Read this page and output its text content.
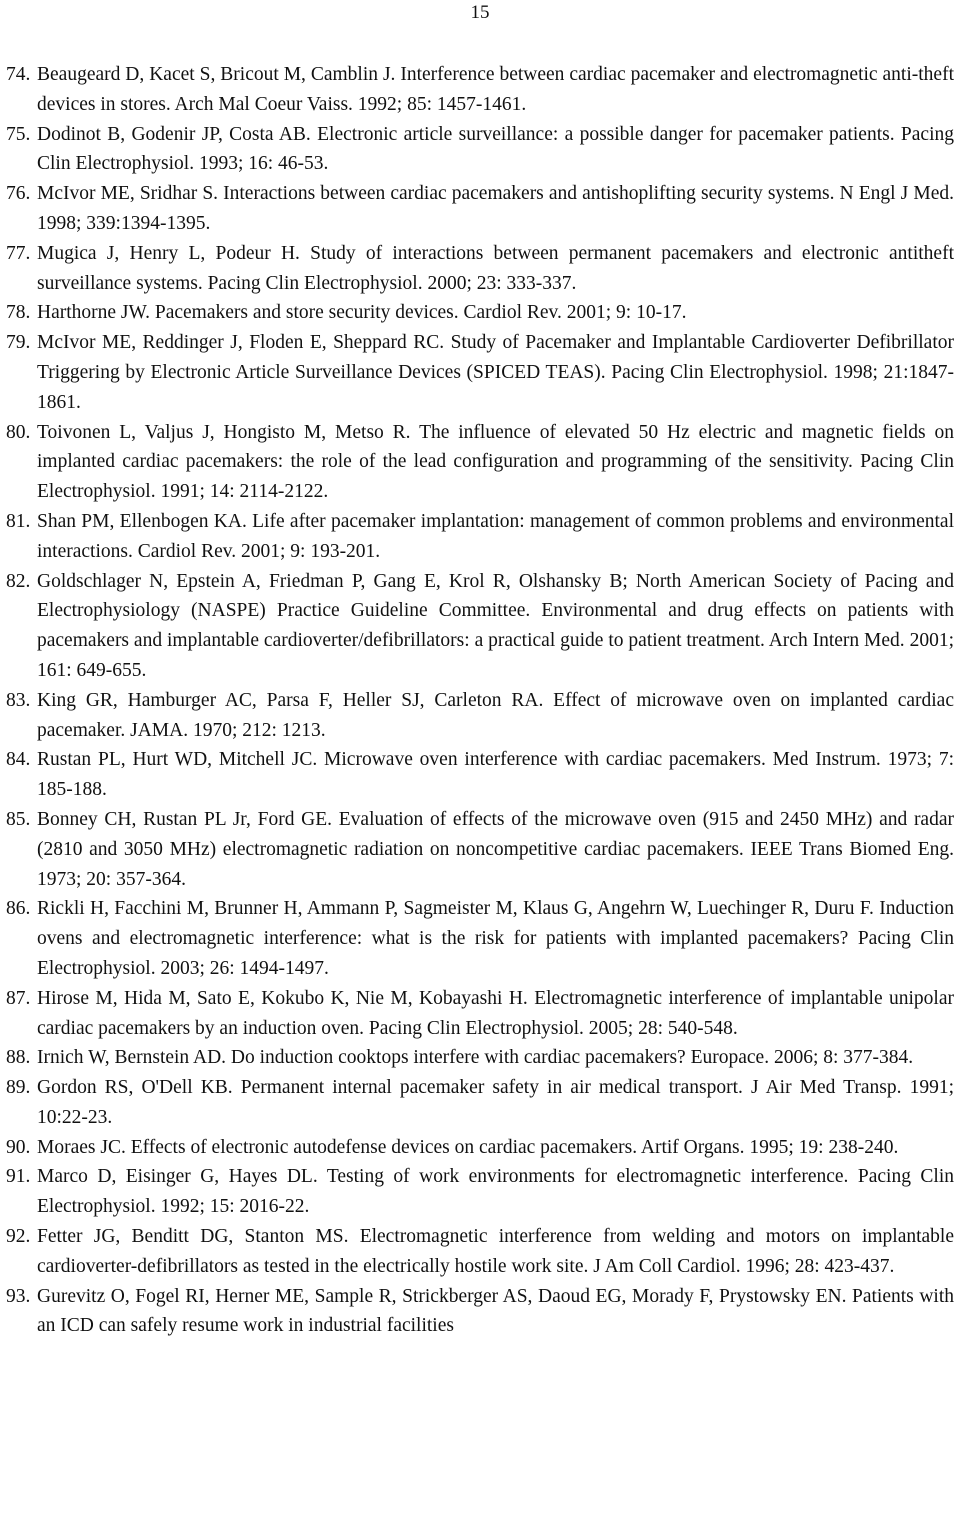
15
74. Beaugeard D, Kacet S, Bricout M, Camblin J. Interference between cardiac pacemaker and electromagnetic anti-theft devices in stores. Arch Mal Coeur Vaiss. 1992; 85: 1457-1461.
75. Dodinot B, Godenir JP, Costa AB. Electronic article surveillance: a possible danger for pacemaker patients. Pacing Clin Electrophysiol. 1993; 16: 46-53.
76. McIvor ME, Sridhar S. Interactions between cardiac pacemakers and antishoplifting security systems. N Engl J Med. 1998; 339:1394-1395.
77. Mugica J, Henry L, Podeur H. Study of interactions between permanent pacemakers and electronic antitheft surveillance systems. Pacing Clin Electrophysiol. 2000; 23: 333-337.
78. Harthorne JW. Pacemakers and store security devices. Cardiol Rev. 2001; 9: 10-17.
79. McIvor ME, Reddinger J, Floden E, Sheppard RC. Study of Pacemaker and Implantable Cardioverter Defibrillator Triggering by Electronic Article Surveillance Devices (SPICED TEAS). Pacing Clin Electrophysiol. 1998; 21:1847-1861.
80. Toivonen L, Valjus J, Hongisto M, Metso R. The influence of elevated 50 Hz electric and magnetic fields on implanted cardiac pacemakers: the role of the lead configuration and programming of the sensitivity. Pacing Clin Electrophysiol. 1991; 14: 2114-2122.
81. Shan PM, Ellenbogen KA. Life after pacemaker implantation: management of common problems and environmental interactions. Cardiol Rev. 2001; 9: 193-201.
82. Goldschlager N, Epstein A, Friedman P, Gang E, Krol R, Olshansky B; North American Society of Pacing and Electrophysiology (NASPE) Practice Guideline Committee. Environmental and drug effects on patients with pacemakers and implantable cardioverter/defibrillators: a practical guide to patient treatment. Arch Intern Med. 2001; 161: 649-655.
83. King GR, Hamburger AC, Parsa F, Heller SJ, Carleton RA. Effect of microwave oven on implanted cardiac pacemaker. JAMA. 1970; 212: 1213.
84. Rustan PL, Hurt WD, Mitchell JC. Microwave oven interference with cardiac pacemakers. Med Instrum. 1973; 7: 185-188.
85. Bonney CH, Rustan PL Jr, Ford GE. Evaluation of effects of the microwave oven (915 and 2450 MHz) and radar (2810 and 3050 MHz) electromagnetic radiation on noncompetitive cardiac pacemakers. IEEE Trans Biomed Eng. 1973; 20: 357-364.
86. Rickli H, Facchini M, Brunner H, Ammann P, Sagmeister M, Klaus G, Angehrn W, Luechinger R, Duru F. Induction ovens and electromagnetic interference: what is the risk for patients with implanted pacemakers? Pacing Clin Electrophysiol. 2003; 26: 1494-1497.
87. Hirose M, Hida M, Sato E, Kokubo K, Nie M, Kobayashi H. Electromagnetic interference of implantable unipolar cardiac pacemakers by an induction oven. Pacing Clin Electrophysiol. 2005; 28: 540-548.
88. Irnich W, Bernstein AD. Do induction cooktops interfere with cardiac pacemakers? Europace. 2006; 8: 377-384.
89. Gordon RS, O'Dell KB. Permanent internal pacemaker safety in air medical transport. J Air Med Transp. 1991; 10:22-23.
90. Moraes JC. Effects of electronic autodefense devices on cardiac pacemakers. Artif Organs. 1995; 19: 238-240.
91. Marco D, Eisinger G, Hayes DL. Testing of work environments for electromagnetic interference. Pacing Clin Electrophysiol. 1992; 15: 2016-22.
92. Fetter JG, Benditt DG, Stanton MS. Electromagnetic interference from welding and motors on implantable cardioverter-defibrillators as tested in the electrically hostile work site. J Am Coll Cardiol. 1996; 28: 423-437.
93. Gurevitz O, Fogel RI, Herner ME, Sample R, Strickberger AS, Daoud EG, Morady F, Prystowsky EN. Patients with an ICD can safely resume work in industrial facilities
